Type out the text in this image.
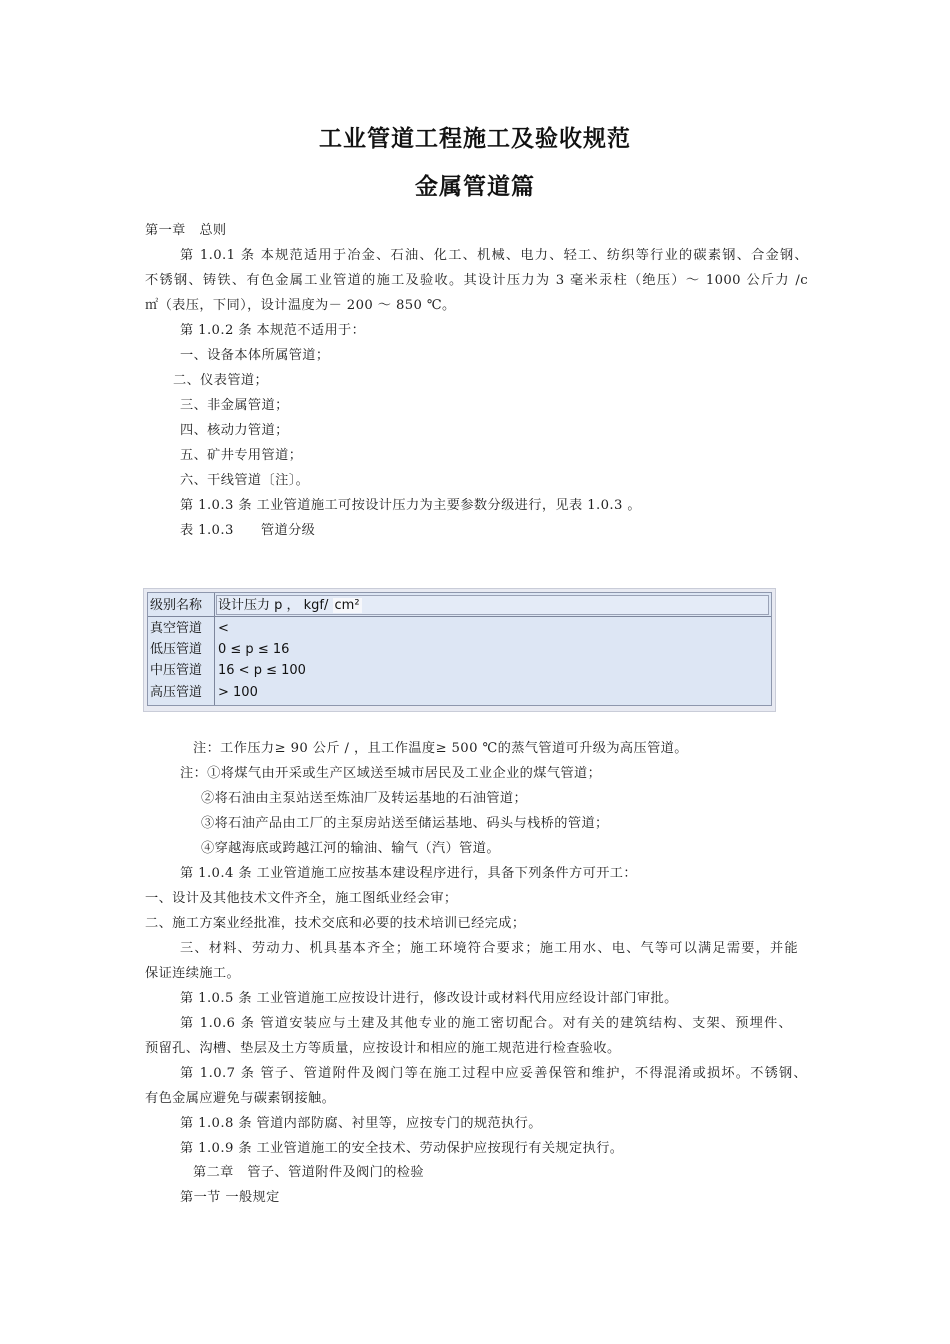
工业管道工程施工及验收规范
金属管道篇
第一章　总则
第 1.0.1 条 本规范适用于冶金、石油、化工、机械、电力、轻工、纺织等行业的碳素钢、合金钢、
不锈钢、铸铁、有色金属工业管道的施工及验收。其设计压力为 3 毫米汞柱（绝压）～ 1000 公斤力 /c
㎡（表压，下同），设计温度为－ 200 ～ 850 ℃。
第 1.0.2 条 本规范不适用于：
一、设备本体所属管道；
二、仪表管道；
三、非金属管道；
四、核动力管道；
五、矿井专用管道；
六、干线管道〔注〕。
第 1.0.3 条 工业管道施工可按设计压力为主要参数分级进行，见表 1.0.3 。
表 1.0.3　　管道分级
级别名称	设计压力 p ， kgf/ cm²
真空管道	<
低压管道	0 ≤ p ≤ 16
中压管道	16 < p ≤ 100
高压管道	> 100
注：工作压力≥ 90 公斤 / ，且工作温度≥ 500 ℃的蒸气管道可升级为高压管道。
注：①将煤气由开采或生产区域送至城市居民及工业企业的煤气管道；
②将石油由主泵站送至炼油厂及转运基地的石油管道；
③将石油产品由工厂的主泵房站送至储运基地、码头与栈桥的管道；
④穿越海底或跨越江河的输油、输气（汽）管道。
第 1.0.4 条 工业管道施工应按基本建设程序进行，具备下列条件方可开工：
一、设计及其他技术文件齐全，施工图纸业经会审；
二、施工方案业经批准，技术交底和必要的技术培训已经完成；
三、材料、劳动力、机具基本齐全；施工环境符合要求；施工用水、电、气等可以满足需要，并能
保证连续施工。
第 1.0.5 条 工业管道施工应按设计进行，修改设计或材料代用应经设计部门审批。
第 1.0.6 条 管道安装应与土建及其他专业的施工密切配合。对有关的建筑结构、支架、预埋件、
预留孔、沟槽、垫层及土方等质量，应按设计和相应的施工规范进行检查验收。
第 1.0.7 条 管子、管道附件及阀门等在施工过程中应妥善保管和维护，不得混淆或损坏。不锈钢、
有色金属应避免与碳素钢接触。
第 1.0.8 条 管道内部防腐、衬里等，应按专门的规范执行。
第 1.0.9 条 工业管道施工的安全技术、劳动保护应按现行有关规定执行。
第二章　管子、管道附件及阀门的检验
第一节 一般规定
